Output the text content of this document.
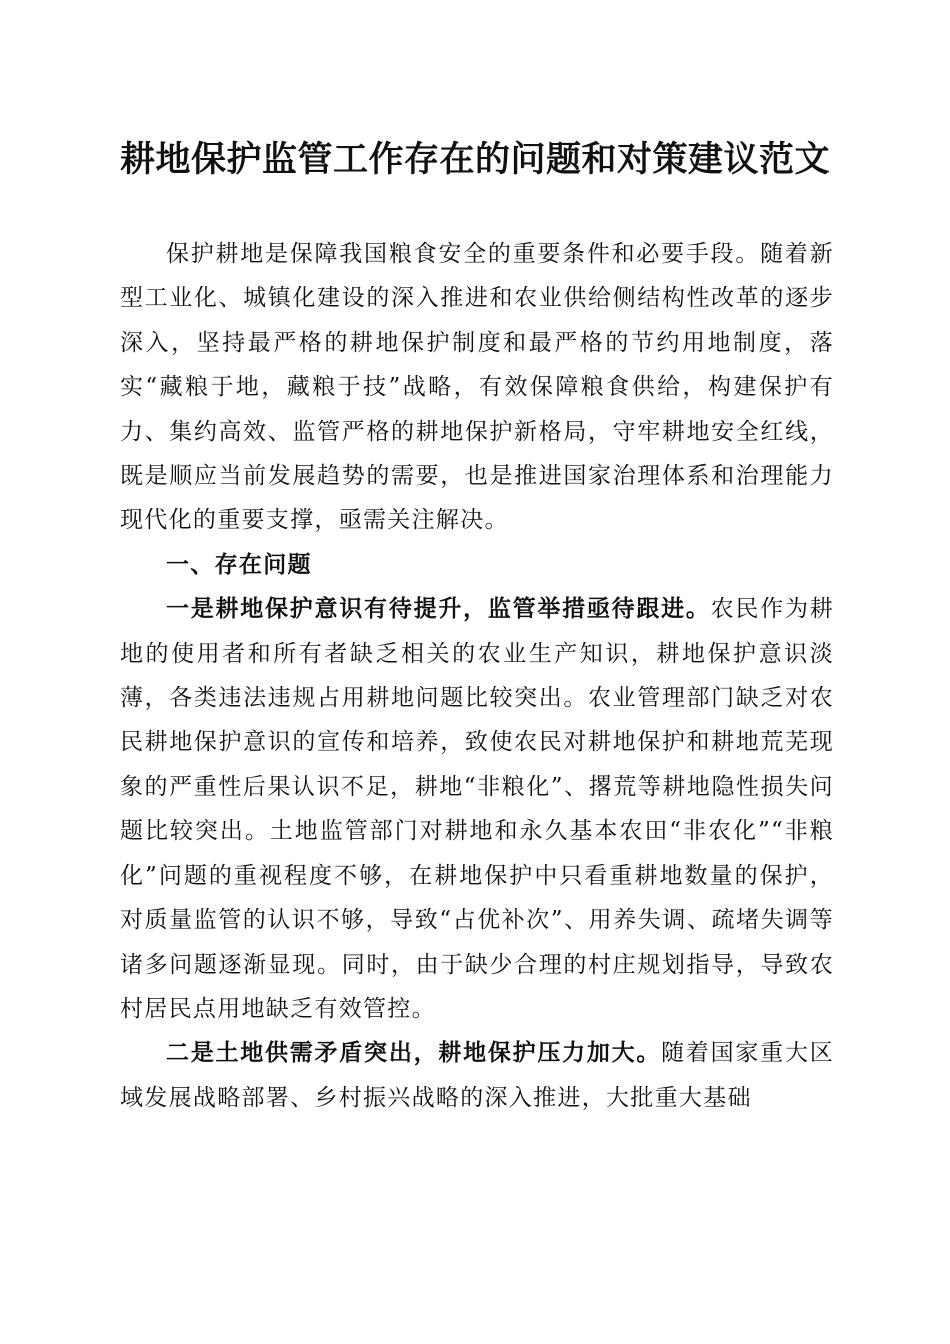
耕地保护监管工作存在的问题和对策建议范文

保护耕地是保障我国粮食安全的重要条件和必要手段。随着新型工业化、城镇化建设的深入推进和农业供给侧结构性改革的逐步深入，坚持最严格的耕地保护制度和最严格的节约用地制度，落实“藏粮于地，藏粮于技”战略，有效保障粮食供给，构建保护有力、集约高效、监管严格的耕地保护新格局，守牢耕地安全红线，既是顺应当前发展趋势的需要，也是推进国家治理体系和治理能力现代化的重要支撑，亟需关注解决。

一、存在问题

一是耕地保护意识有待提升，监管举措亟待跟进。农民作为耕地的使用者和所有者缺乏相关的农业生产知识，耕地保护意识淡薄，各类违法违规占用耕地问题比较突出。农业管理部门缺乏对农民耕地保护意识的宣传和培养，致使农民对耕地保护和耕地荒芜现象的严重性后果认识不足，耕地“非粮化”、撂荒等耕地隐性损失问题比较突出。土地监管部门对耕地和永久基本农田“非农化”“非粮化”问题的重视程度不够，在耕地保护中只看重耕地数量的保护，对质量监管的认识不够，导致“占优补次”、用养失调、疏堵失调等诸多问题逐渐显现。同时，由于缺少合理的村庄规划指导，导致农村居民点用地缺乏有效管控。

二是土地供需矛盾突出，耕地保护压力加大。随着国家重大区域发展战略部署、乡村振兴战略的深入推进，大批重大基础
